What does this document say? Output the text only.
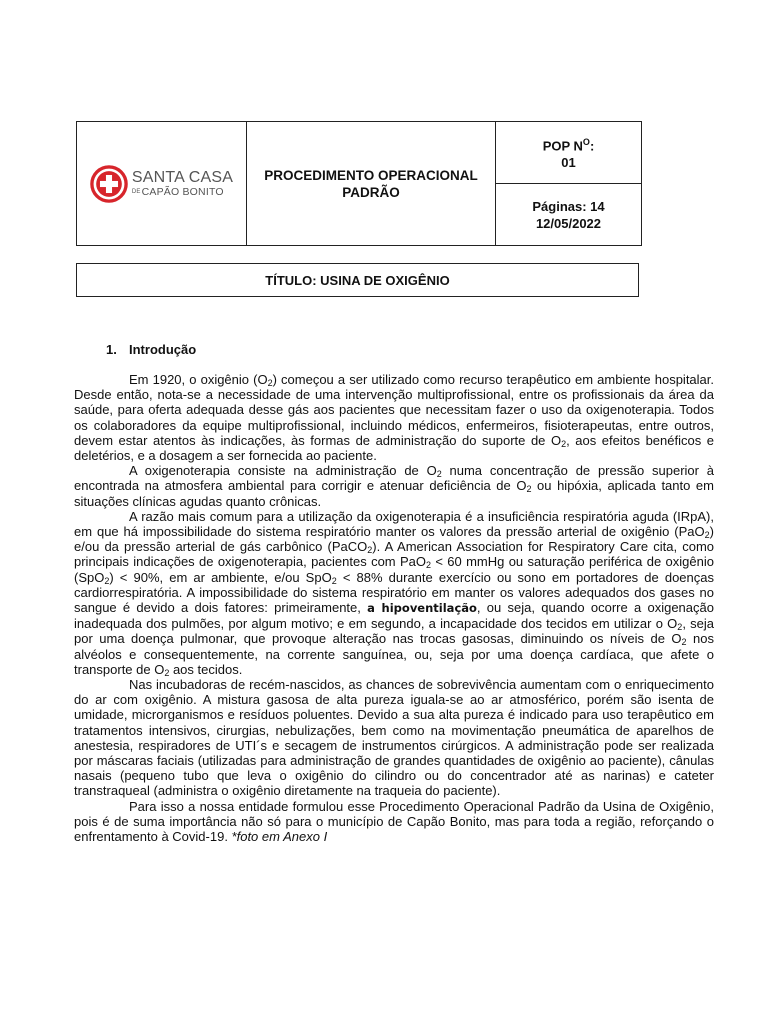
SANTA CASA
DECAPÃO BONITO

PROCEDIMENTO OPERACIONAL
PADRÃO

POP $N^O$:
01

Páginas: 14
12/05/2022
TÍTULO: USINA DE OXIGÊNIO
1. Introdução

Em 1920, o oxigênio $(O_2)$ começou a ser utilizado como recurso terapêutico em ambiente hospitalar. Desde então, nota-se a necessidade de uma intervenção multiprofissional, entre os profissionais da área da saúde, para oferta adequada desse gás aos pacientes que necessitam fazer o uso da oxigenoterapia. Todos os colaboradores da equipe multiprofissional, incluindo médicos, enfermeiros, fisioterapeutas, entre outros, devem estar atentos às indicações, às formas de administração do suporte de $O_2$, aos efeitos benéficos e deletérios, e a dosagem a ser fornecida ao paciente.

A oxigenoterapia consiste na administração de $O_2$ numa concentração de pressão superior à encontrada na atmosfera ambiental para corrigir e atenuar deficiência de $O_2$ ou hipóxia, aplicada tanto em situações clínicas agudas quanto crônicas.

A razão mais comum para a utilização da oxigenoterapia é a insuficiência respiratória aguda (IRpA), em que há impossibilidade do sistema respiratório manter os valores da pressão arterial de oxigênio (PaO$_2$) e/ou da pressão arterial de gás carbônico (PaCO$_2$). A American Association for Respiratory Care cita, como principais indicações de oxigenoterapia, pacientes com PaO$_2$ < 60 mmHg ou saturação periférica de oxigênio (SpO$_2$) < 90%, em ar ambiente, e/ou SpO$_2$ < 88% durante exercício ou sono em portadores de doenças cardiorrespiratória. A impossibilidade do sistema respiratório em manter os valores adequados dos gases no sangue é devido a dois fatores: primeiramente, a hipoventilação, ou seja, quando ocorre a oxigenação inadequada dos pulmões, por algum motivo; e em segundo, a incapacidade dos tecidos em utilizar o $O_2$, seja por uma doença pulmonar, que provoque alteração nas trocas gasosas, diminuindo os níveis de $O_2$ nos alvéolos e consequentemente, na corrente sanguínea, ou, seja por uma doença cardíaca, que afete o transporte de $O_2$ aos tecidos.

Nas incubadoras de recém-nascidos, as chances de sobrevivência aumentam com o enriquecimento do ar com oxigênio. A mistura gasosa de alta pureza iguala-se ao ar atmosférico, porém são isenta de umidade, microrganismos e resíduos poluentes. Devido a sua alta pureza é indicado para uso terapêutico em tratamentos intensivos, cirurgias, nebulizações, bem como na movimentação pneumática de aparelhos de anestesia, respiradores de UTI´s e secagem de instrumentos cirúrgicos. A administração pode ser realizada por máscaras faciais (utilizadas para administração de grandes quantidades de oxigênio ao paciente), cânulas nasais (pequeno tubo que leva o oxigênio do cilindro ou do concentrador até as narinas) e cateter transtraqueal (administra o oxigênio diretamente na traqueia do paciente).

Para isso a nossa entidade formulou esse Procedimento Operacional Padrão da Usina de Oxigênio, pois é de suma importância não só para o município de Capão Bonito, mas para toda a região, reforçando o enfrentamento à Covid-19. *foto em Anexo I
